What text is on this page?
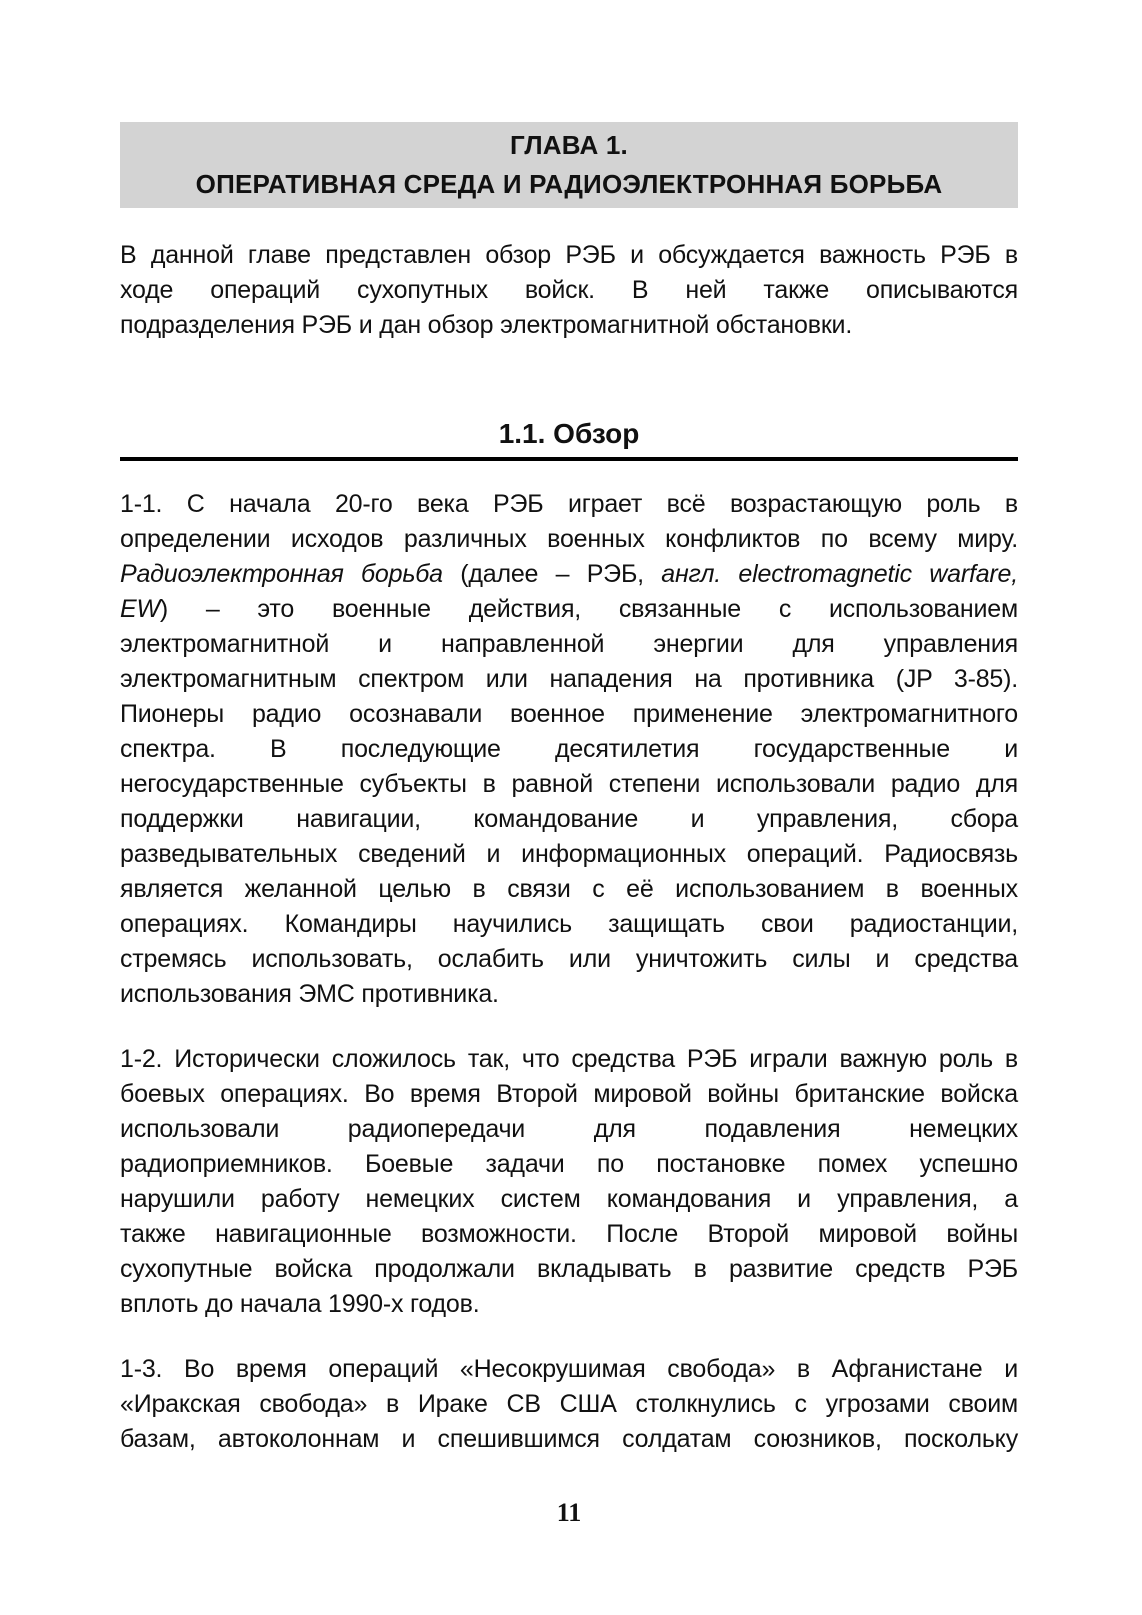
ГЛАВА 1.
ОПЕРАТИВНАЯ СРЕДА И РАДИОЭЛЕКТРОННАЯ БОРЬБА
В данной главе представлен обзор РЭБ и обсуждается важность РЭБ в
ходе операций сухопутных войск. В ней также описываются
подразделения РЭБ и дан обзор электромагнитной обстановки.
1.1. Обзор
1-1. С начала 20-го века РЭБ играет всё возрастающую роль в
определении исходов различных военных конфликтов по всему миру.
Радиоэлектронная борьба (далее – РЭБ, англ. electromagnetic warfare,
EW) – это военные действия, связанные с использованием
электромагнитной и направленной энергии для управления
электромагнитным спектром или нападения на противника (JP 3-85).
Пионеры радио осознавали военное применение электромагнитного
спектра. В последующие десятилетия государственные и
негосударственные субъекты в равной степени использовали радио для
поддержки навигации, командование и управления, сбора
разведывательных сведений и информационных операций. Радиосвязь
является желанной целью в связи с её использованием в военных
операциях. Командиры научились защищать свои радиостанции,
стремясь использовать, ослабить или уничтожить силы и средства
использования ЭМС противника.
1-2. Исторически сложилось так, что средства РЭБ играли важную роль в
боевых операциях. Во время Второй мировой войны британские войска
использовали радиопередачи для подавления немецких
радиоприемников. Боевые задачи по постановке помех успешно
нарушили работу немецких систем командования и управления, а
также навигационные возможности. После Второй мировой войны
сухопутные войска продолжали вкладывать в развитие средств РЭБ
вплоть до начала 1990-х годов.
1-3. Во время операций «Несокрушимая свобода» в Афганистане и
«Иракская свобода» в Ираке СВ США столкнулись с угрозами своим
базам, автоколоннам и спешившимся солдатам союзников, поскольку
11
